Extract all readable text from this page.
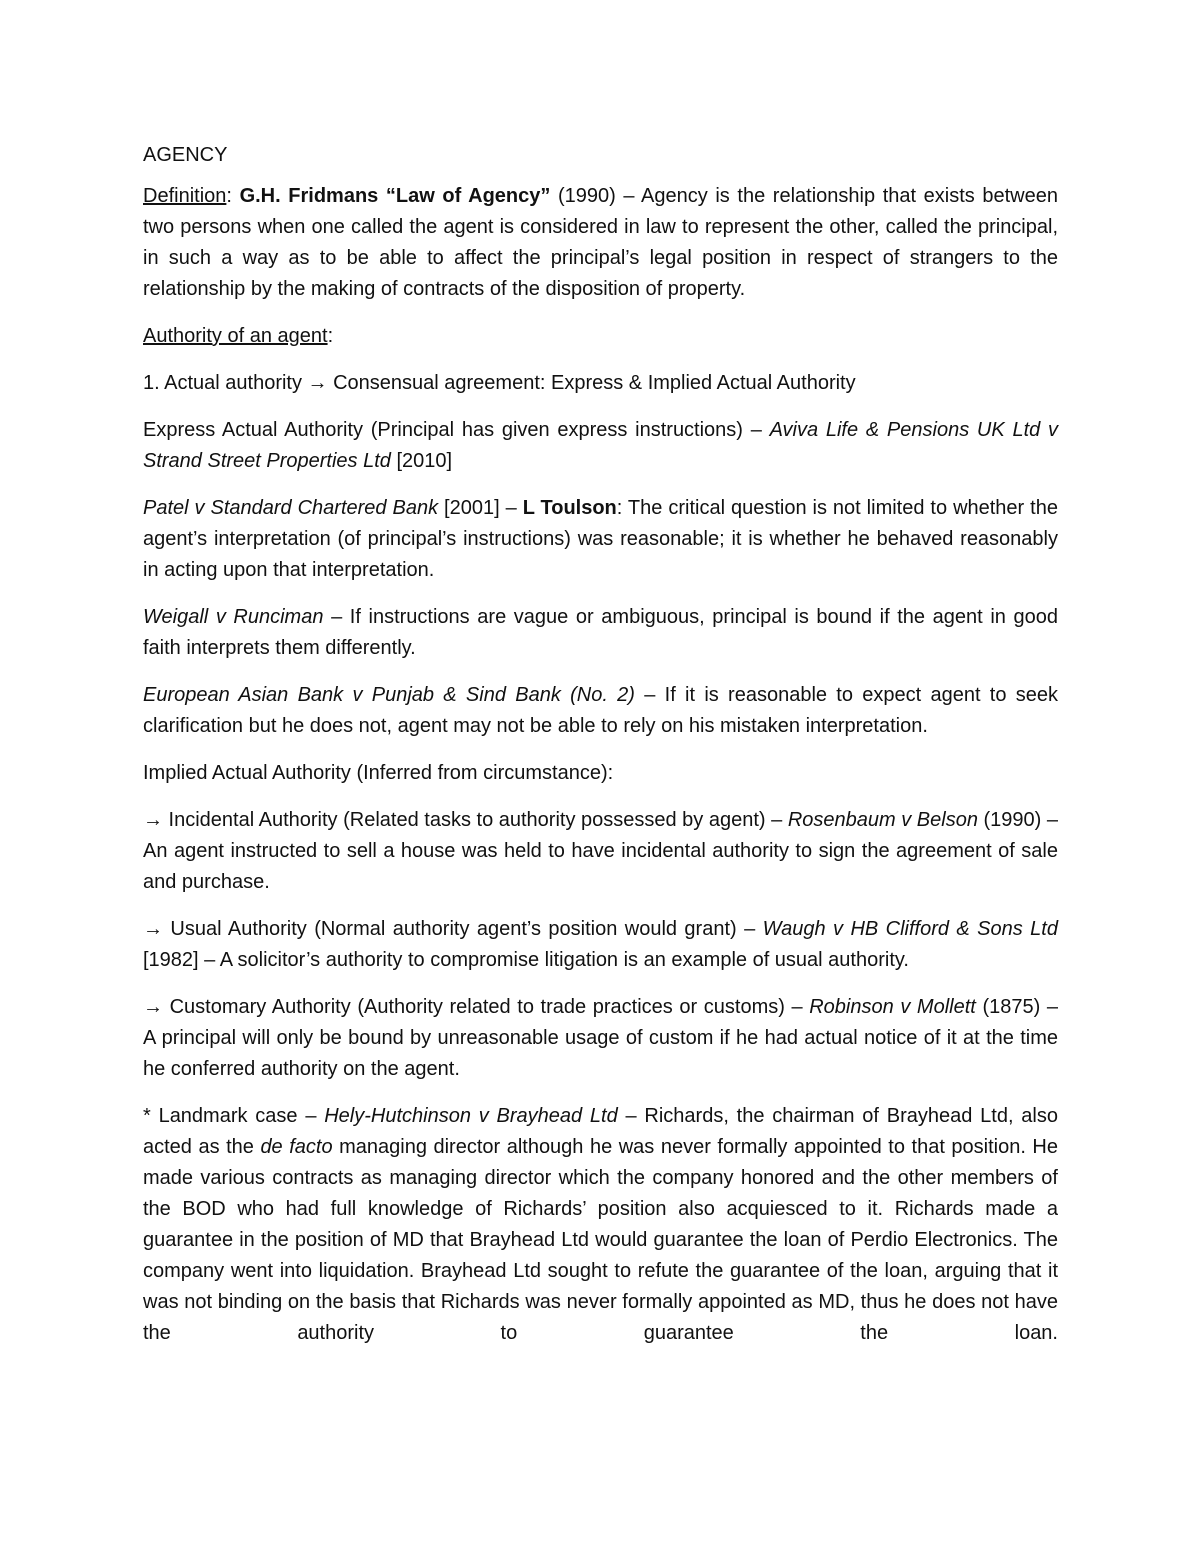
AGENCY

Definition: G.H. Fridmans “Law of Agency” (1990) – Agency is the relationship that exists between two persons when one called the agent is considered in law to represent the other, called the principal, in such a way as to be able to affect the principal’s legal position in respect of strangers to the relationship by the making of contracts of the disposition of property.

Authority of an agent:

1. Actual authority → Consensual agreement: Express & Implied Actual Authority

Express Actual Authority (Principal has given express instructions) – Aviva Life & Pensions UK Ltd v Strand Street Properties Ltd [2010]

Patel v Standard Chartered Bank [2001] – L Toulson: The critical question is not limited to whether the agent’s interpretation (of principal’s instructions) was reasonable; it is whether he behaved reasonably in acting upon that interpretation.

Weigall v Runciman – If instructions are vague or ambiguous, principal is bound if the agent in good faith interprets them differently.

European Asian Bank v Punjab & Sind Bank (No. 2) – If it is reasonable to expect agent to seek clarification but he does not, agent may not be able to rely on his mistaken interpretation.

Implied Actual Authority (Inferred from circumstance):

→ Incidental Authority (Related tasks to authority possessed by agent) – Rosenbaum v Belson (1990) – An agent instructed to sell a house was held to have incidental authority to sign the agreement of sale and purchase.

→ Usual Authority (Normal authority agent’s position would grant) – Waugh v HB Clifford & Sons Ltd [1982] – A solicitor’s authority to compromise litigation is an example of usual authority.

→ Customary Authority (Authority related to trade practices or customs) – Robinson v Mollett (1875) – A principal will only be bound by unreasonable usage of custom if he had actual notice of it at the time he conferred authority on the agent.

* Landmark case – Hely-Hutchinson v Brayhead Ltd – Richards, the chairman of Brayhead Ltd, also acted as the de facto managing director although he was never formally appointed to that position. He made various contracts as managing director which the company honored and the other members of the BOD who had full knowledge of Richards’ position also acquiesced to it. Richards made a guarantee in the position of MD that Brayhead Ltd would guarantee the loan of Perdio Electronics. The company went into liquidation. Brayhead Ltd sought to refute the guarantee of the loan, arguing that it was not binding on the basis that Richards was never formally appointed as MD, thus he does not have the authority to guarantee the loan.
